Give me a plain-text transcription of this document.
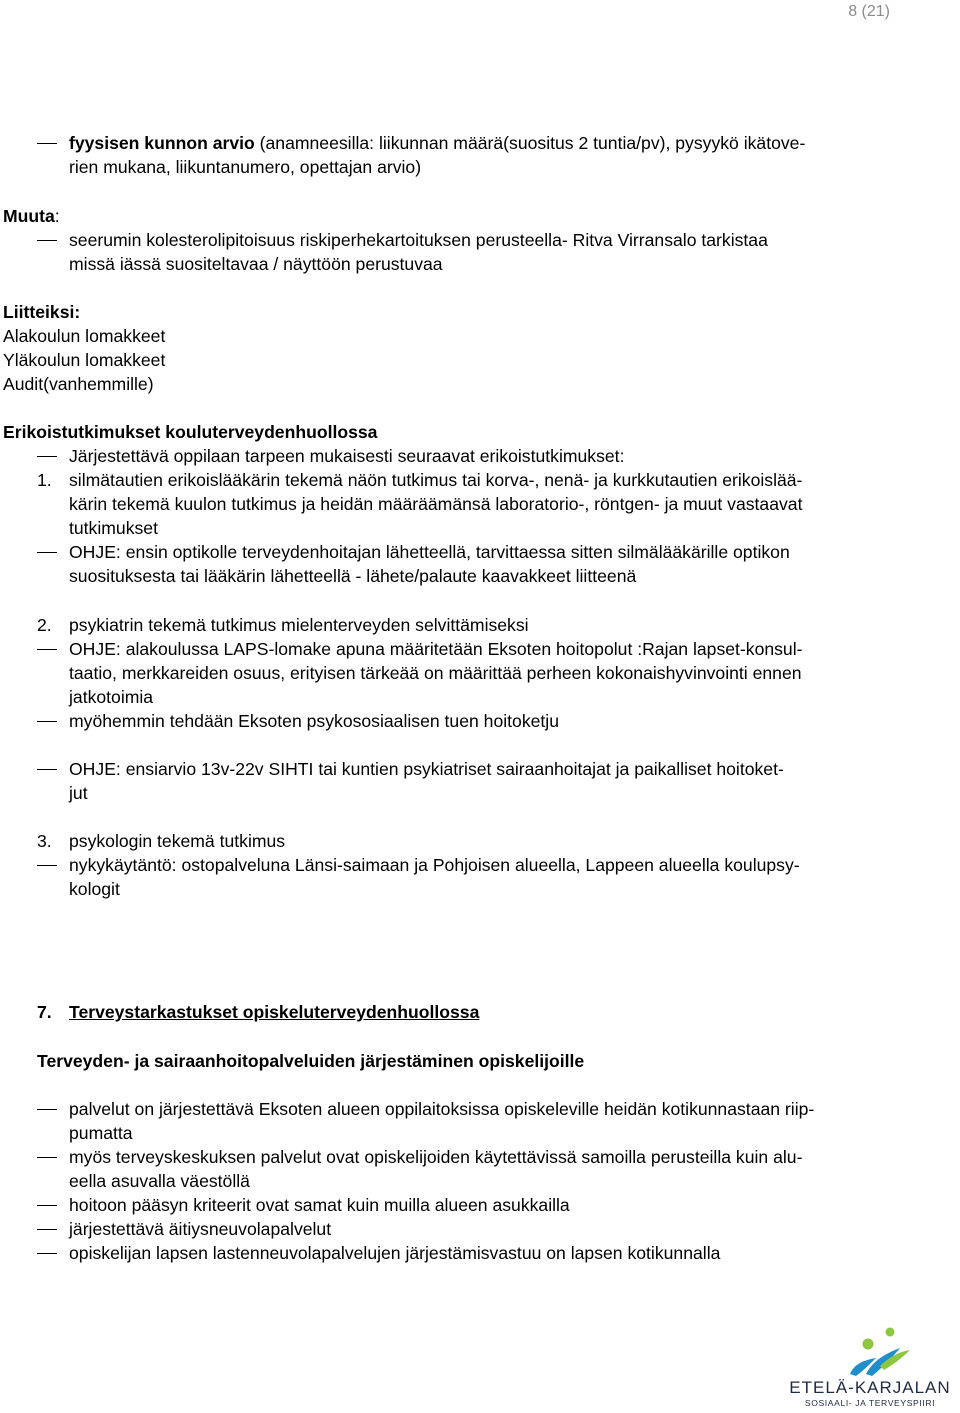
8 (21)
fyysisen kunnon arvio (anamneesilla: liikunnan määrä(suositus 2 tuntia/pv), pysyykö ikätove-
rien mukana, liikuntanumero, opettajan arvio)
Muuta:
seerumin kolesterolipitoisuus riskiperhekartoituksen perusteella- Ritva Virransalo tarkistaa
missä iässä suositeltavaa / näyttöön perustuvaa
Liitteiksi:
Alakoulun lomakkeet
Yläkoulun lomakkeet
Audit(vanhemmille)
Erikoistutkimukset kouluterveydenhuollossa
Järjestettävä oppilaan tarpeen mukaisesti seuraavat erikoistutkimukset:
1. silmätautien erikoislääkärin tekemä näön tutkimus tai korva-, nenä- ja kurkkutautien erikoislää-
kärin tekemä kuulon tutkimus ja heidän määräämänsä laboratorio-, röntgen- ja muut vastaavat
tutkimukset
OHJE: ensin optikolle terveydenhoitajan lähetteellä, tarvittaessa sitten silmälääkärille optikon
suosituksesta tai lääkärin lähetteellä - lähete/palaute kaavakkeet liitteenä
2. psykiatrin tekemä tutkimus mielenterveyden selvittämiseksi
OHJE: alakoulussa LAPS-lomake apuna määritetään Eksoten hoitopolut :Rajan lapset-konsul-
taatio, merkkareiden osuus, erityisen tärkeää on määrittää perheen kokonaishyvinvointi ennen
jatkotoimia
myöhemmin tehdään Eksoten psykososiaalisen tuen hoitoketju
OHJE: ensiarvio 13v-22v SIHTI tai kuntien psykiatriset sairaanhoitajat ja paikalliset hoitoket-
jut
3. psykologin tekemä tutkimus
nykykäytäntö: ostopalveluna Länsi-saimaan ja Pohjoisen alueella, Lappeen alueella koulupsy-
kologit
7. Terveystarkastukset opiskeluterveydenhuollossa
Terveyden- ja sairaanhoitopalveluiden järjestäminen opiskelijoille
palvelut on järjestettävä Eksoten alueen oppilaitoksissa opiskeleville heidän kotikunnastaan riip-
pumatta
myös terveyskeskuksen palvelut ovat opiskelijoiden käytettävissä samoilla perusteilla kuin alu-
eella asuvalla väestöllä
hoitoon pääsyn kriteerit ovat samat kuin muilla alueen asukkailla
järjestettävä äitiysneuvolapalvelut
opiskelijan lapsen lastenneuvolapalvelujen järjestämisvastuu on lapsen kotikunnalla
ETELÄ-KARJALAN
SOSIAALI- JA TERVEYSPIIRI
